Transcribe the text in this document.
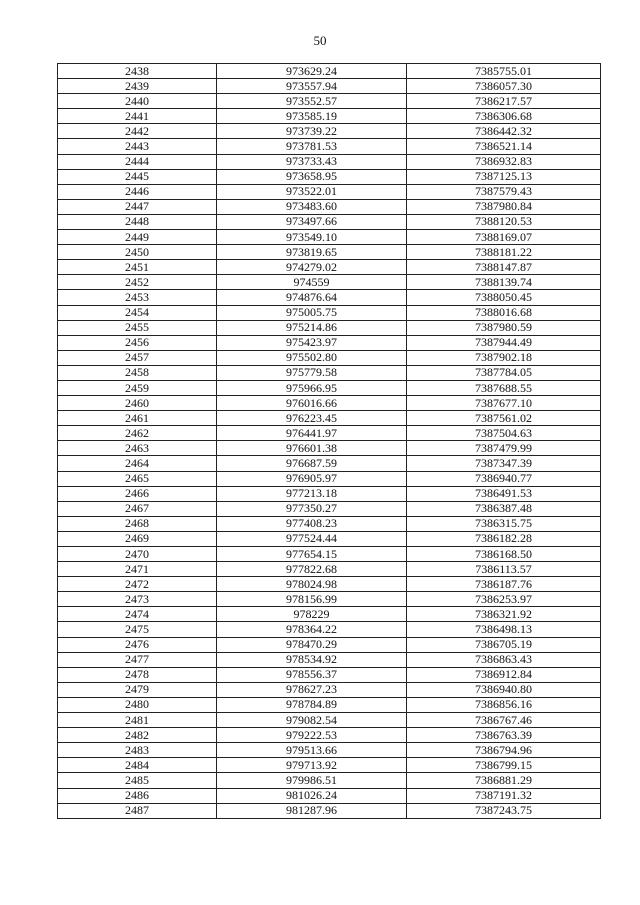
50
2438	973629.24	7385755.01
2439	973557.94	7386057.30
2440	973552.57	7386217.57
2441	973585.19	7386306.68
2442	973739.22	7386442.32
2443	973781.53	7386521.14
2444	973733.43	7386932.83
2445	973658.95	7387125.13
2446	973522.01	7387579.43
2447	973483.60	7387980.84
2448	973497.66	7388120.53
2449	973549.10	7388169.07
2450	973819.65	7388181.22
2451	974279.02	7388147.87
2452	974559	7388139.74
2453	974876.64	7388050.45
2454	975005.75	7388016.68
2455	975214.86	7387980.59
2456	975423.97	7387944.49
2457	975502.80	7387902.18
2458	975779.58	7387784.05
2459	975966.95	7387688.55
2460	976016.66	7387677.10
2461	976223.45	7387561.02
2462	976441.97	7387504.63
2463	976601.38	7387479.99
2464	976687.59	7387347.39
2465	976905.97	7386940.77
2466	977213.18	7386491.53
2467	977350.27	7386387.48
2468	977408.23	7386315.75
2469	977524.44	7386182.28
2470	977654.15	7386168.50
2471	977822.68	7386113.57
2472	978024.98	7386187.76
2473	978156.99	7386253.97
2474	978229	7386321.92
2475	978364.22	7386498.13
2476	978470.29	7386705.19
2477	978534.92	7386863.43
2478	978556.37	7386912.84
2479	978627.23	7386940.80
2480	978784.89	7386856.16
2481	979082.54	7386767.46
2482	979222.53	7386763.39
2483	979513.66	7386794.96
2484	979713.92	7386799.15
2485	979986.51	7386881.29
2486	981026.24	7387191.32
2487	981287.96	7387243.75
